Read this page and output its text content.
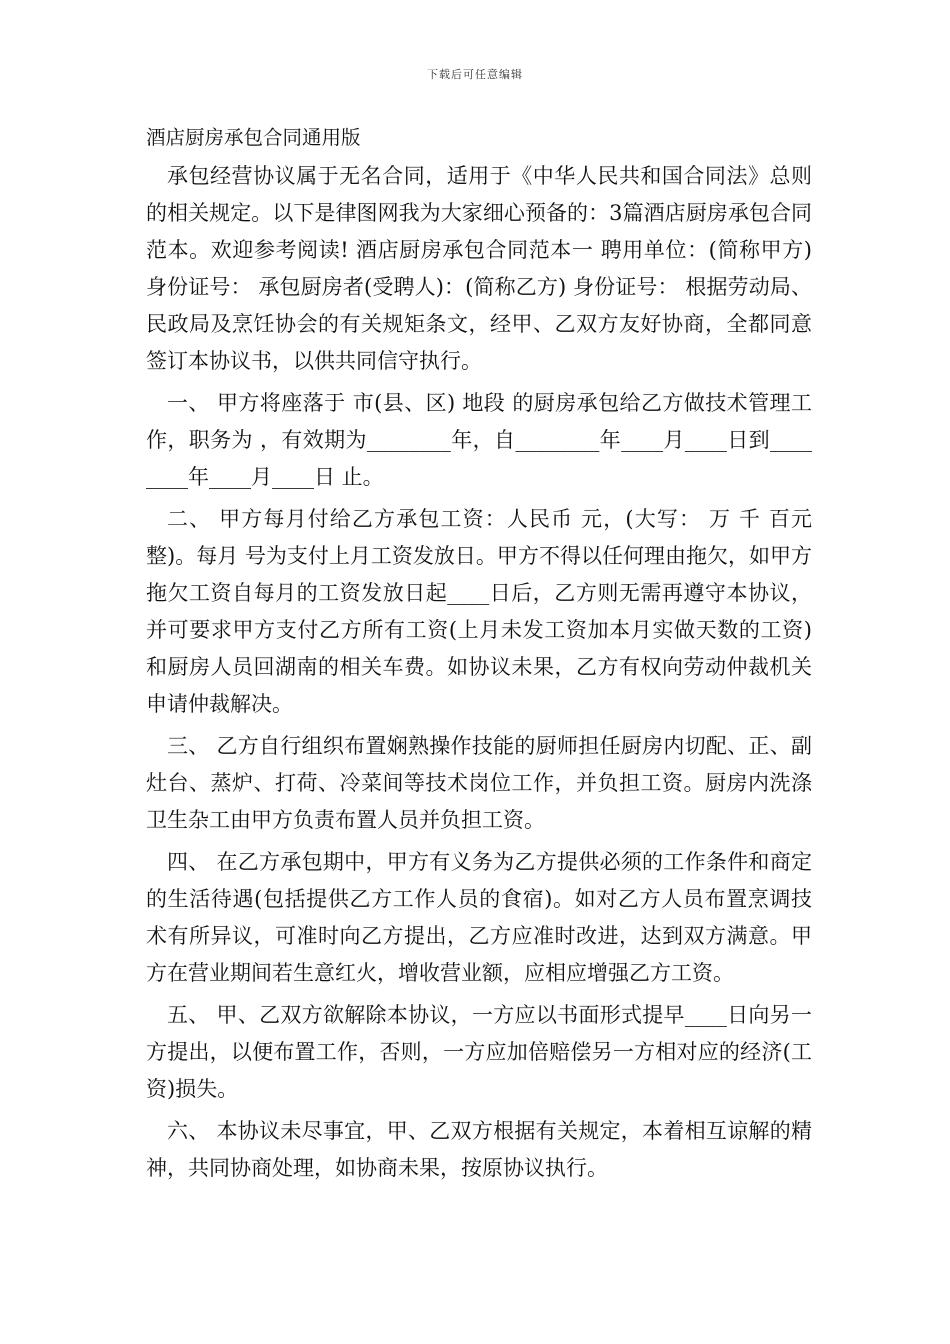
下载后可任意编辑
酒店厨房承包合同通用版

承包经营协议属于无名合同，适用于《中华人民共和国合同法》总则的相关规定。以下是律图网我为大家细心预备的：3篇酒店厨房承包合同范本。欢迎参考阅读! 酒店厨房承包合同范本一 聘用单位：(简称甲方) 身份证号： 承包厨房者(受聘人)：(简称乙方) 身份证号： 根据劳动局、民政局及烹饪协会的有关规矩条文，经甲、乙双方友好协商，全都同意签订本协议书，以供共同信守执行。

一、 甲方将座落于 市(县、区) 地段 的厨房承包给乙方做技术管理工作，职务为 ，有效期为________年，自________年____月____日到________年____月____日 止。

二、 甲方每月付给乙方承包工资：人民币 元，(大写： 万 千 百元整)。每月 号为支付上月工资发放日。甲方不得以任何理由拖欠，如甲方拖欠工资自每月的工资发放日起____日后，乙方则无需再遵守本协议，并可要求甲方支付乙方所有工资(上月未发工资加本月实做天数的工资)和厨房人员回湖南的相关车费。如协议未果，乙方有权向劳动仲裁机关申请仲裁解决。

三、 乙方自行组织布置娴熟操作技能的厨师担任厨房内切配、正、副灶台、蒸炉、打荷、冷菜间等技术岗位工作，并负担工资。厨房内洗涤卫生杂工由甲方负责布置人员并负担工资。

四、 在乙方承包期中，甲方有义务为乙方提供必须的工作条件和商定的生活待遇(包括提供乙方工作人员的食宿)。如对乙方人员布置烹调技术有所异议，可准时向乙方提出，乙方应准时改进，达到双方满意。甲方在营业期间若生意红火，增收营业额，应相应增强乙方工资。

五、 甲、乙双方欲解除本协议，一方应以书面形式提早____日向另一方提出，以便布置工作，否则，一方应加倍赔偿另一方相对应的经济(工资)损失。

六、 本协议未尽事宜，甲、乙双方根据有关规定，本着相互谅解的精神，共同协商处理，如协商未果，按原协议执行。
